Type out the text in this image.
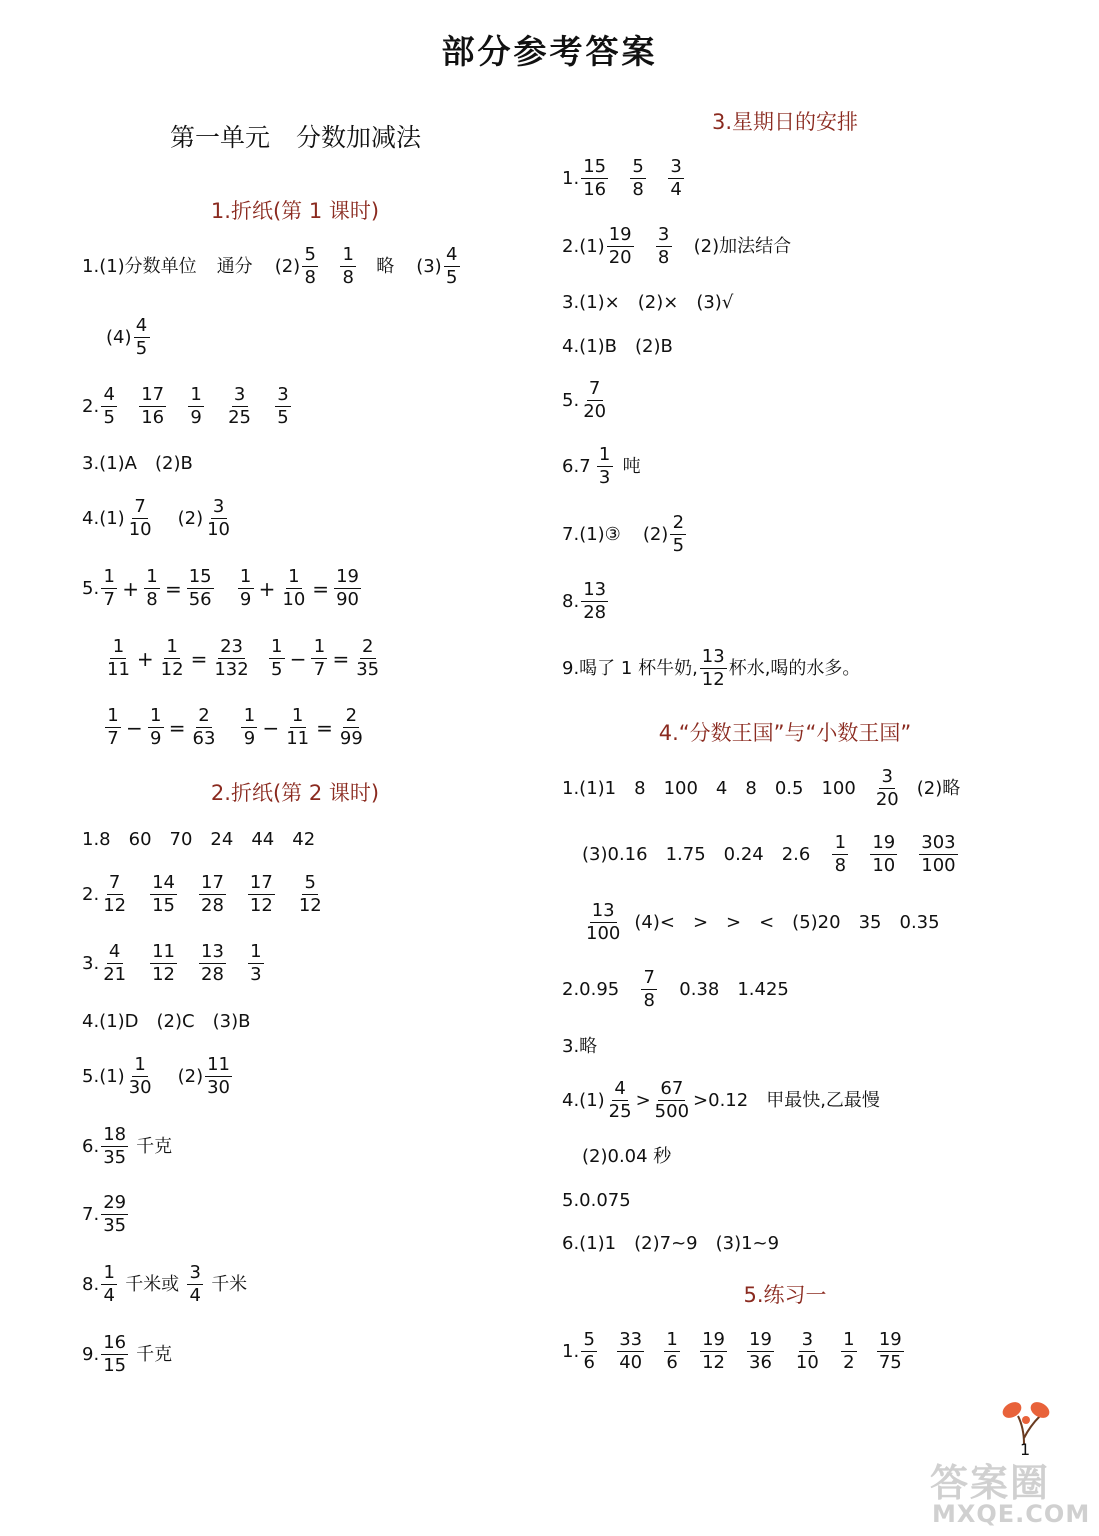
部分参考答案
第一单元 分数加减法
1.折纸(第 1 课时)
2.折纸(第 2 课时)
3.星期日的安排
4.“分数王国”与“小数王国”
5.练习一
1. (1)分数单位 通分 $(2) \frac{5}{8} \frac{1}{8}$ 略 $(3) \frac{4}{5}$
$(4) \frac{4}{5}$
2. $\frac{4}{5} \frac{17}{16} \frac{1}{9} \frac{3}{25} \frac{3}{5}$
3.(1)A　(2)B
4. $(1) \frac{7}{10} (2) \frac{3}{10}$
5. $\frac{1}{7} + \frac{1}{8} = \frac{15}{56} \frac{1}{9} + \frac{1}{10} = \frac{19}{90}$
$\frac{1}{11} + \frac{1}{12} = \frac{23}{132} \frac{1}{5} - \frac{1}{7} = \frac{2}{35}$
$\frac{1}{7} - \frac{1}{9} = \frac{2}{63} \frac{1}{9} - \frac{1}{11} = \frac{2}{99}$
1.8　60　70　24　44　42
2. $\frac{7}{12} \frac{14}{15} \frac{17}{28} \frac{17}{12} \frac{5}{12}$
3. $\frac{4}{21} \frac{11}{12} \frac{13}{28} \frac{1}{3}$
4.(1)D　(2)C　(3)B
5. $(1) \frac{1}{30} (2) \frac{11}{30}$
6. $\frac{18}{35}$ 千克
7. $\frac{29}{35}$
8. $\frac{1}{4}$ 千米或 $\frac{3}{4}$ 千米
9. $\frac{16}{15}$ 千克
1. $\frac{15}{16} \frac{5}{8} \frac{3}{4}$
2. $(1) \frac{19}{20} \frac{3}{8} (2)$加法结合
3.(1)×　(2)×　(3)√
4.(1)B　(2)B
5. $\frac{7}{20}$
6. $7 \frac{1}{3}$ 吨
7. (1)③ $(2) \frac{2}{5}$
8. $\frac{13}{28}$
9.喝了 1 杯牛奶, $\frac{13}{12}$ 杯水,喝的水多。
1.(1)1　8　100　4　8　0.5　$100 \frac{3}{20} (2)$略
(3)0.16　1.75　0.24　$2.6 \frac{1}{8} \frac{19}{10} \frac{303}{100}$
$\frac{13}{100} (4)<$　>　>　<　(5)20　35　0.35
$2.0.95 \frac{7}{8} 0.38$　1.425
3.略
$4.(1) \frac{4}{25} > \frac{67}{500} >0.12$　甲最快,乙最慢
(2)0.04 秒
5.0.075
6.(1)1　(2)7~9　(3)1~9
1. $\frac{5}{6} \frac{33}{40} \frac{1}{6} \frac{19}{12} \frac{19}{36} \frac{3}{10} \frac{1}{2} \frac{19}{75}$
1
答案圈
MXQE.COM
